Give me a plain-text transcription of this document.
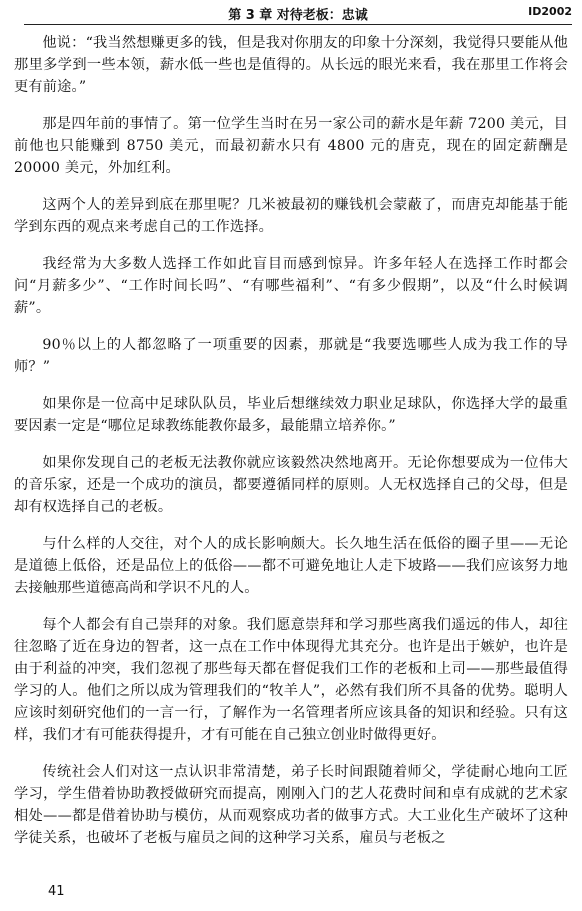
第 3 章 对待老板：忠诚	ID2002

他说：“我当然想赚更多的钱，但是我对你朋友的印象十分深刻，我觉得只要能从他那里多学到一些本领，薪水低一些也是值得的。从长远的眼光来看，我在那里工作将会更有前途。”

那是四年前的事情了。第一位学生当时在另一家公司的薪水是年薪 7200 美元，目前他也只能赚到 8750 美元，而最初薪水只有 4800 元的唐克，现在的固定薪酬是 20000 美元，外加红利。

这两个人的差异到底在那里呢？几米被最初的赚钱机会蒙蔽了，而唐克却能基于能学到东西的观点来考虑自己的工作选择。

我经常为大多数人选择工作如此盲目而感到惊异。许多年轻人在选择工作时都会问“月薪多少”、“工作时间长吗”、“有哪些福利”、“有多少假期”，以及“什么时候调薪”。

90％以上的人都忽略了一项重要的因素，那就是“我要选哪些人成为我工作的导师？”

如果你是一位高中足球队队员，毕业后想继续效力职业足球队，你选择大学的最重要因素一定是“哪位足球教练能教你最多，最能鼎立培养你。”

如果你发现自己的老板无法教你就应该毅然决然地离开。无论你想要成为一位伟大的音乐家，还是一个成功的演员，都要遵循同样的原则。人无权选择自己的父母，但是却有权选择自己的老板。

与什么样的人交往，对个人的成长影响颇大。长久地生活在低俗的圈子里——无论是道德上低俗，还是品位上的低俗——都不可避免地让人走下坡路——我们应该努力地去接触那些道德高尚和学识不凡的人。

每个人都会有自己崇拜的对象。我们愿意崇拜和学习那些离我们遥远的伟人，却往往忽略了近在身边的智者，这一点在工作中体现得尤其充分。也许是出于嫉妒，也许是由于利益的冲突，我们忽视了那些每天都在督促我们工作的老板和上司——那些最值得学习的人。他们之所以成为管理我们的“牧羊人”，必然有我们所不具备的优势。聪明人应该时刻研究他们的一言一行，了解作为一名管理者所应该具备的知识和经验。只有这样，我们才有可能获得提升，才有可能在自己独立创业时做得更好。

传统社会人们对这一点认识非常清楚，弟子长时间跟随着师父，学徒耐心地向工匠学习，学生借着协助教授做研究而提高，刚刚入门的艺人花费时间和卓有成就的艺术家相处——都是借着协助与模仿，从而观察成功者的做事方式。大工业化生产破坏了这种学徒关系，也破坏了老板与雇员之间的这种学习关系，雇员与老板之

41
